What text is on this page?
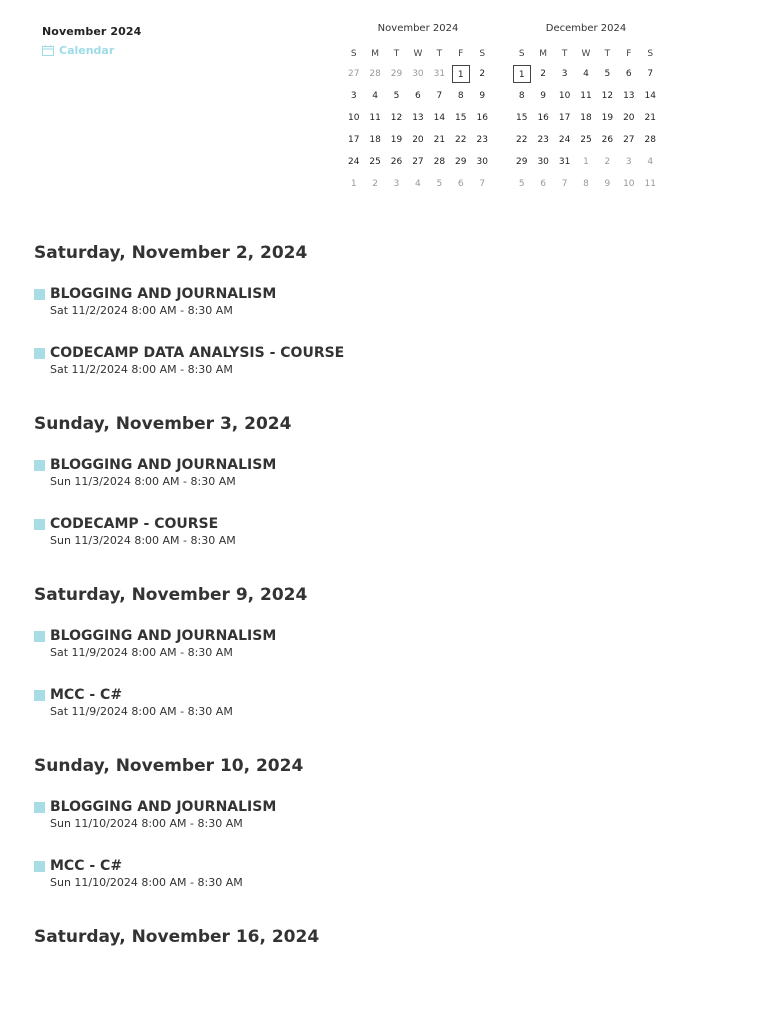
November 2024
Calendar
November 2024
S	M	T	W	T	F	S
27	28	29	30	31	1	2
3	4	5	6	7	8	9
10	11	12	13	14	15	16
17	18	19	20	21	22	23
24	25	26	27	28	29	30
1	2	3	4	5	6	7
December 2024
S	M	T	W	T	F	S
1	2	3	4	5	6	7
8	9	10	11	12	13	14
15	16	17	18	19	20	21
22	23	24	25	26	27	28
29	30	31	1	2	3	4
5	6	7	8	9	10	11
Saturday, November 2, 2024
BLOGGING AND JOURNALISM
Sat 11/2/2024 8:00 AM - 8:30 AM
CODECAMP DATA ANALYSIS - COURSE
Sat 11/2/2024 8:00 AM - 8:30 AM
Sunday, November 3, 2024
BLOGGING AND JOURNALISM
Sun 11/3/2024 8:00 AM - 8:30 AM
CODECAMP - COURSE
Sun 11/3/2024 8:00 AM - 8:30 AM
Saturday, November 9, 2024
BLOGGING AND JOURNALISM
Sat 11/9/2024 8:00 AM - 8:30 AM
MCC - C#
Sat 11/9/2024 8:00 AM - 8:30 AM
Sunday, November 10, 2024
BLOGGING AND JOURNALISM
Sun 11/10/2024 8:00 AM - 8:30 AM
MCC - C#
Sun 11/10/2024 8:00 AM - 8:30 AM
Saturday, November 16, 2024
